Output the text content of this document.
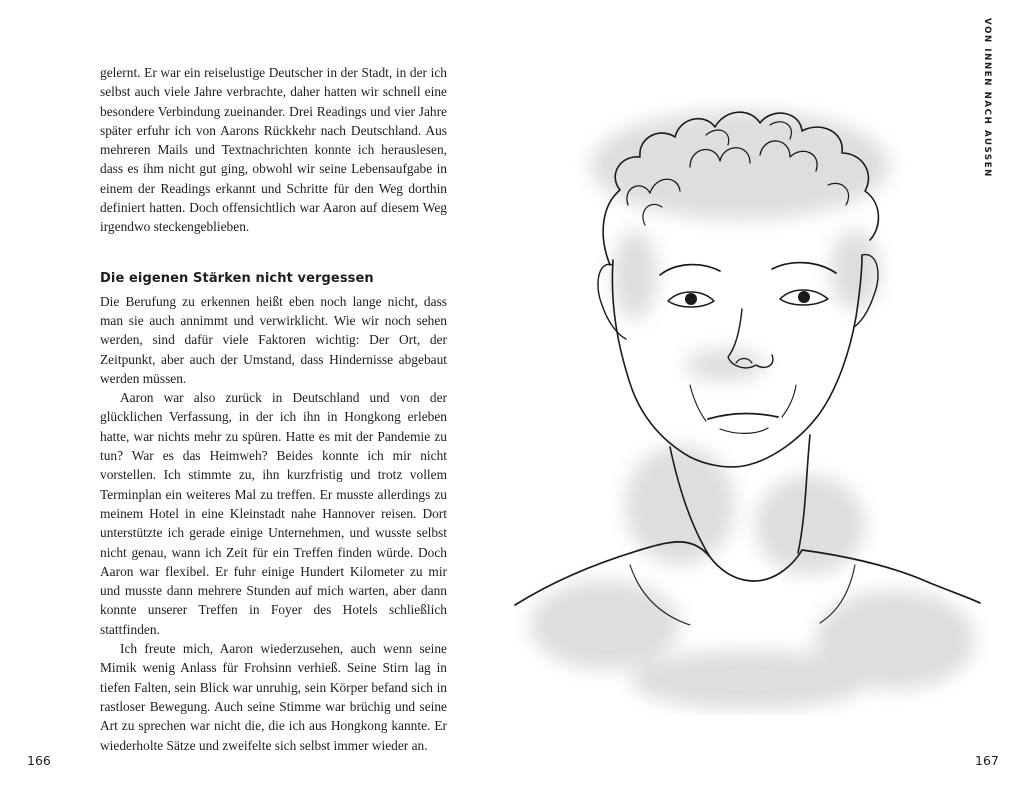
gelernt. Er war ein reiselustige Deutscher in der Stadt, in der ich selbst auch viele Jahre verbrachte, daher hatten wir schnell eine besondere Verbindung zueinander. Drei Readings und vier Jahre später erfuhr ich von Aarons Rückkehr nach Deutschland. Aus mehreren Mails und Textnachrichten konnte ich herauslesen, dass es ihm nicht gut ging, obwohl wir seine Lebensaufgabe in einem der Readings erkannt und Schritte für den Weg dorthin definiert hatten. Doch offensichtlich war Aaron auf diesem Weg irgendwo steckengeblieben.

Die eigenen Stärken nicht vergessen

Die Berufung zu erkennen heißt eben noch lange nicht, dass man sie auch annimmt und verwirklicht. Wie wir noch sehen werden, sind dafür viele Faktoren wichtig: Der Ort, der Zeitpunkt, aber auch der Umstand, dass Hindernisse abgebaut werden müssen.

Aaron war also zurück in Deutschland und von der glücklichen Verfassung, in der ich ihn in Hongkong erleben hatte, war nichts mehr zu spüren. Hatte es mit der Pandemie zu tun? War es das Heimweh? Beides konnte ich mir nicht vorstellen. Ich stimmte zu, ihn kurzfristig und trotz vollem Terminplan ein weiteres Mal zu treffen. Er musste allerdings zu meinem Hotel in eine Kleinstadt nahe Hannover reisen. Dort unterstützte ich gerade einige Unternehmen, und wusste selbst nicht genau, wann ich Zeit für ein Treffen finden würde. Doch Aaron war flexibel. Er fuhr einige Hundert Kilometer zu mir und musste dann mehrere Stunden auf mich warten, aber dann konnte unserer Treffen in Foyer des Hotels schließlich stattfinden.

Ich freute mich, Aaron wiederzusehen, auch wenn seine Mimik wenig Anlass für Frohsinn verhieß. Seine Stirn lag in tiefen Falten, sein Blick war unruhig, sein Körper befand sich in rastloser Bewegung. Auch seine Stimme war brüchig und seine Art zu sprechen war nicht die, die ich aus Hongkong kannte. Er wiederholte Sätze und zweifelte sich selbst immer wieder an.

166	167
VON INNEN NACH AUSSEN
